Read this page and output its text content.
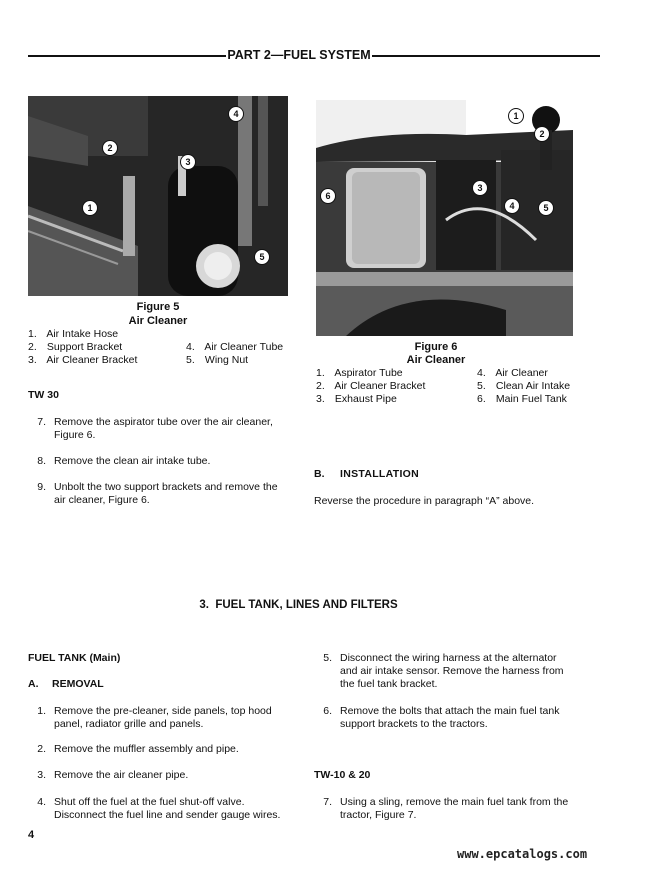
PART 2—FUEL SYSTEM
1
2
3
4
5
Figure 5
Air Cleaner
1. Air Intake Hose
2. Support Bracket
3. Air Cleaner Bracket
4. Air Cleaner Tube
5. Wing Nut
1
2
3
4	5
6
Figure 6
Air Cleaner
1. Aspirator Tube
2. Air Cleaner Bracket
3. Exhaust Pipe
4. Air Cleaner
5. Clean Air Intake
6. Main Fuel Tank
TW 30
7. Remove the aspirator tube over the air cleaner,
Figure 6.
8. Remove the clean air intake tube.
9. Unbolt the two support brackets and remove the
air cleaner, Figure 6.
B. INSTALLATION
Reverse the procedure in paragraph “A” above.
3.  FUEL TANK, LINES AND FILTERS
FUEL TANK (Main)
A. REMOVAL
1. Remove the pre-cleaner, side panels, top hood
panel, radiator grille and panels.
2. Remove the muffler assembly and pipe.
3. Remove the air cleaner pipe.
4. Shut off the fuel at the fuel shut-off valve.
Disconnect the fuel line and sender gauge wires.
5. Disconnect the wiring harness at the alternator
and air intake sensor. Remove the harness from
the fuel tank bracket.
6. Remove the bolts that attach the main fuel tank
support brackets to the tractors.
TW-10 & 20
7. Using a sling, remove the main fuel tank from the
tractor, Figure 7.
4
www.epcatalogs.com
